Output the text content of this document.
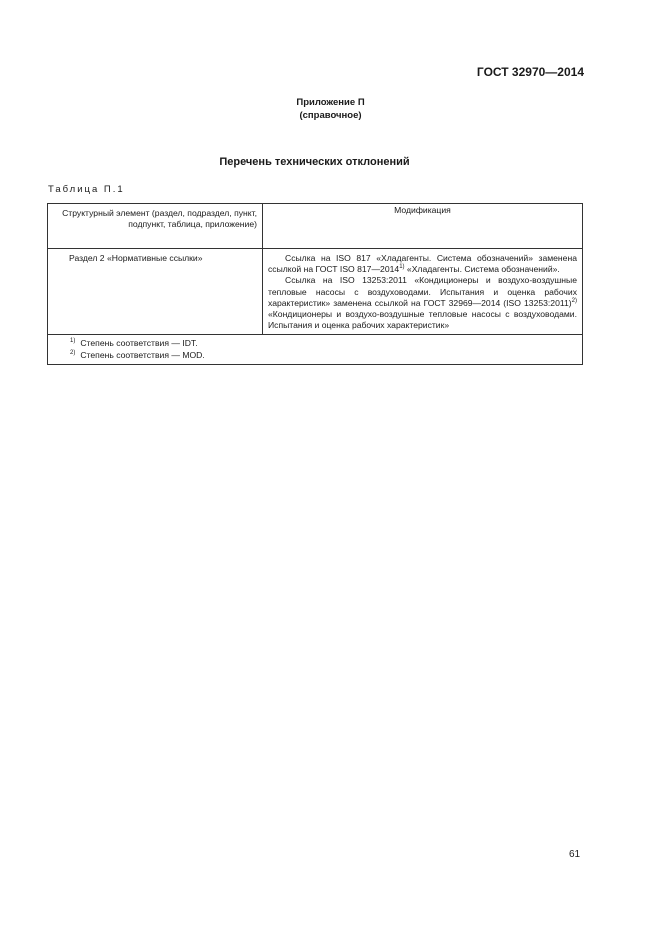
ГОСТ 32970—2014
Приложение П
(справочное)
Перечень технических отклонений
Таблица П.1
Структурный элемент (раздел, подраздел, пункт, подпункт, таблица, приложение)	Модификация
Раздел 2 «Нормативные ссылки»	Ссылка на ISO 817 «Хладагенты. Система обозначений» заменена ссылкой на ГОСТ ISO 817—2014$^{1)}$ «Хладагенты. Система обозначений».

Ссылка на ISO 13253:2011 «Кондиционеры и воздухо-воздушные тепловые насосы с воздуховодами. Испытания и оценка рабочих характеристик» заменена ссылкой на ГОСТ 32969—2014 (ISO 13253:2011)$^{2)}$ «Кондиционеры и воздухо-воздушные тепловые насосы с воздуховодами. Испытания и оценка рабочих характеристик»

$^{1)}$ Степень соответствия — IDT.
$^{2)}$ Степень соответствия — MOD.	
61
